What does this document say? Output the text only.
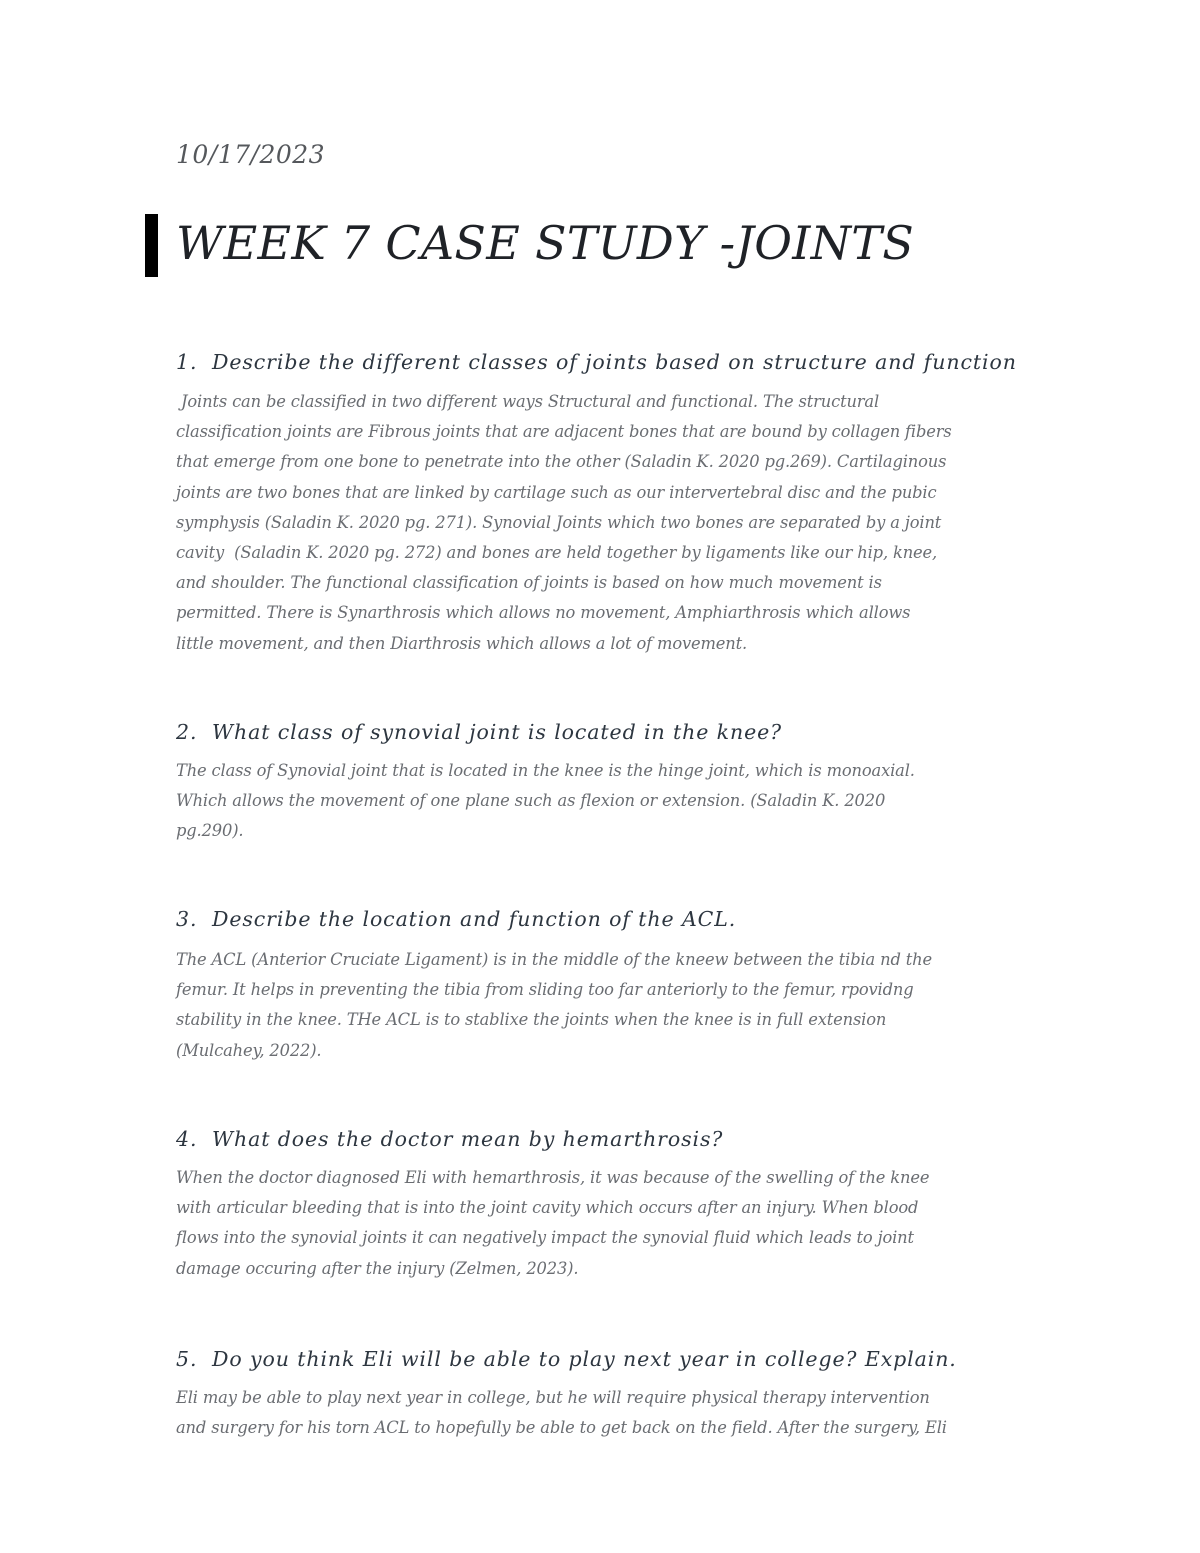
10/17/2023
WEEK 7 CASE STUDY -JOINTS
1. Describe the different classes of joints based on structure and function
Joints can be classified in two different ways Structural and functional. The structural
classification joints are Fibrous joints that are adjacent bones that are bound by collagen fibers
that emerge from one bone to penetrate into the other (Saladin K. 2020 pg.269). Cartilaginous
joints are two bones that are linked by cartilage such as our intervertebral disc and the pubic
symphysis (Saladin K. 2020 pg. 271). Synovial Joints which two bones are separated by a joint
cavity  (Saladin K. 2020 pg. 272) and bones are held together by ligaments like our hip, knee,
and shoulder. The functional classification of joints is based on how much movement is
permitted. There is Synarthrosis which allows no movement, Amphiarthrosis which allows
little movement, and then Diarthrosis which allows a lot of movement.
2. What class of synovial joint is located in the knee?
The class of Synovial joint that is located in the knee is the hinge joint, which is monoaxial.
Which allows the movement of one plane such as flexion or extension. (Saladin K. 2020
pg.290).
3. Describe the location and function of the ACL.
The ACL (Anterior Cruciate Ligament) is in the middle of the kneew between the tibia nd the
femur. It helps in preventing the tibia from sliding too far anteriorly to the femur, rpovidng
stability in the knee. THe ACL is to stablixe the joints when the knee is in full extension
(Mulcahey, 2022).
4. What does the doctor mean by hemarthrosis?
When the doctor diagnosed Eli with hemarthrosis, it was because of the swelling of the knee
with articular bleeding that is into the joint cavity which occurs after an injury. When blood
flows into the synovial joints it can negatively impact the synovial fluid which leads to joint
damage occuring after the injury (Zelmen, 2023).
5. Do you think Eli will be able to play next year in college? Explain.
Eli may be able to play next year in college, but he will require physical therapy intervention
and surgery for his torn ACL to hopefully be able to get back on the field. After the surgery, Eli
